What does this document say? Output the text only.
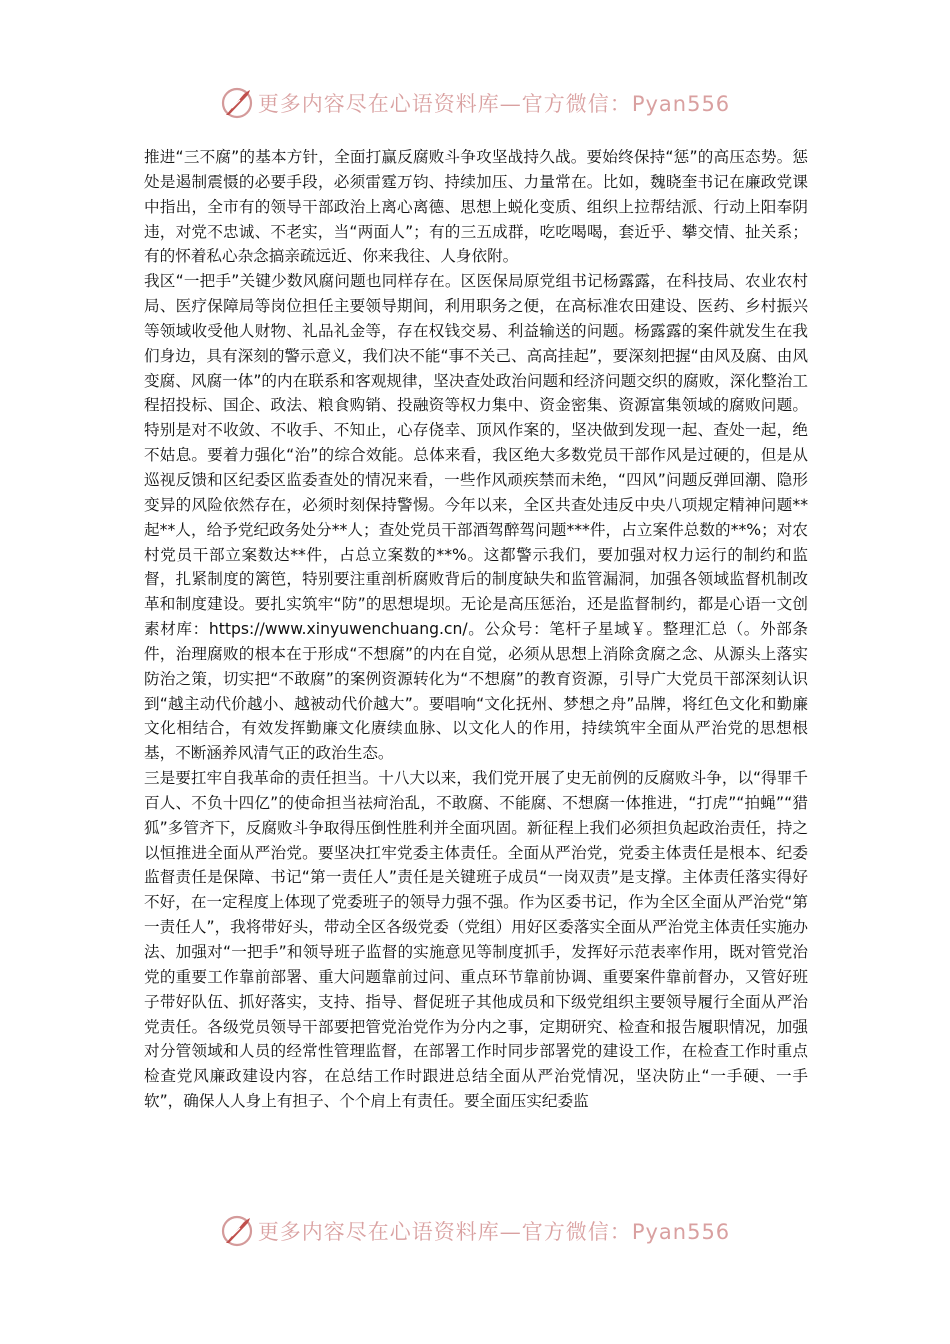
更多内容尽在心语资料库—官方微信：Pyan556

推进“三不腐”的基本方针，全面打赢反腐败斗争攻坚战持久战。要始终保持“惩”的高压态势。惩处是遏制震慑的必要手段，必须雷霆万钧、持续加压、力量常在。比如，魏晓奎书记在廉政党课中指出，全市有的领导干部政治上离心离德、思想上蜕化变质、组织上拉帮结派、行动上阳奉阴违，对党不忠诚、不老实，当“两面人”；有的三五成群，吃吃喝喝，套近乎、攀交情、扯关系；有的怀着私心杂念搞亲疏远近、你来我往、人身依附。

我区“一把手”关键少数风腐问题也同样存在。区医保局原党组书记杨露露，在科技局、农业农村局、医疗保障局等岗位担任主要领导期间，利用职务之便，在高标准农田建设、医药、乡村振兴等领域收受他人财物、礼品礼金等，存在权钱交易、利益输送的问题。杨露露的案件就发生在我们身边，具有深刻的警示意义，我们决不能“事不关己、高高挂起”，要深刻把握“由风及腐、由风变腐、风腐一体”的内在联系和客观规律，坚决查处政治问题和经济问题交织的腐败，深化整治工程招投标、国企、政法、粮食购销、投融资等权力集中、资金密集、资源富集领域的腐败问题。特别是对不收敛、不收手、不知止，心存侥幸、顶风作案的，坚决做到发现一起、查处一起，绝不姑息。要着力强化“治”的综合效能。总体来看，我区绝大多数党员干部作风是过硬的，但是从巡视反馈和区纪委区监委查处的情况来看，一些作风顽疾禁而未绝，“四风”问题反弹回潮、隐形变异的风险依然存在，必须时刻保持警惕。今年以来，全区共查处违反中央八项规定精神问题**起**人，给予党纪政务处分**人；查处党员干部酒驾醉驾问题***件，占立案件总数的**%；对农村党员干部立案数达**件，占总立案数的**%。这都警示我们，要加强对权力运行的制约和监督，扎紧制度的篱笆，特别要注重剖析腐败背后的制度缺失和监管漏洞，加强各领域监督机制改革和制度建设。要扎实筑牢“防”的思想堤坝。无论是高压惩治，还是监督制约，都是心语一文创素材库：https://www.xinyuwenchuang.cn/。公众号：笔杆子星域￥。整理汇总（。外部条件，治理腐败的根本在于形成“不想腐”的内在自觉，必须从思想上消除贪腐之念、从源头上落实防治之策，切实把“不敢腐”的案例资源转化为“不想腐”的教育资源，引导广大党员干部深刻认识到“越主动代价越小、越被动代价越大”。要唱响“文化抚州、梦想之舟”品牌，将红色文化和勤廉文化相结合，有效发挥勤廉文化赓续血脉、以文化人的作用，持续筑牢全面从严治党的思想根基，不断涵养风清气正的政治生态。

三是要扛牢自我革命的责任担当。十八大以来，我们党开展了史无前例的反腐败斗争，以“得罪千百人、不负十四亿”的使命担当祛疴治乱，不敢腐、不能腐、不想腐一体推进，“打虎”“拍蝇”“猎狐”多管齐下，反腐败斗争取得压倒性胜利并全面巩固。新征程上我们必须担负起政治责任，持之以恒推进全面从严治党。要坚决扛牢党委主体责任。全面从严治党，党委主体责任是根本、纪委监督责任是保障、书记“第一责任人”责任是关键班子成员“一岗双责”是支撑。主体责任落实得好不好，在一定程度上体现了党委班子的领导力强不强。作为区委书记，作为全区全面从严治党“第一责任人”，我将带好头，带动全区各级党委（党组）用好区委落实全面从严治党主体责任实施办法、加强对“一把手”和领导班子监督的实施意见等制度抓手，发挥好示范表率作用，既对管党治党的重要工作靠前部署、重大问题靠前过问、重点环节靠前协调、重要案件靠前督办，又管好班子带好队伍、抓好落实，支持、指导、督促班子其他成员和下级党组织主要领导履行全面从严治党责任。各级党员领导干部要把管党治党作为分内之事，定期研究、检查和报告履职情况，加强对分管领域和人员的经常性管理监督，在部署工作时同步部署党的建设工作，在检查工作时重点检查党风廉政建设内容，在总结工作时跟进总结全面从严治党情况，坚决防止“一手硬、一手软”，确保人人身上有担子、个个肩上有责任。要全面压实纪委监

更多内容尽在心语资料库—官方微信：Pyan556
